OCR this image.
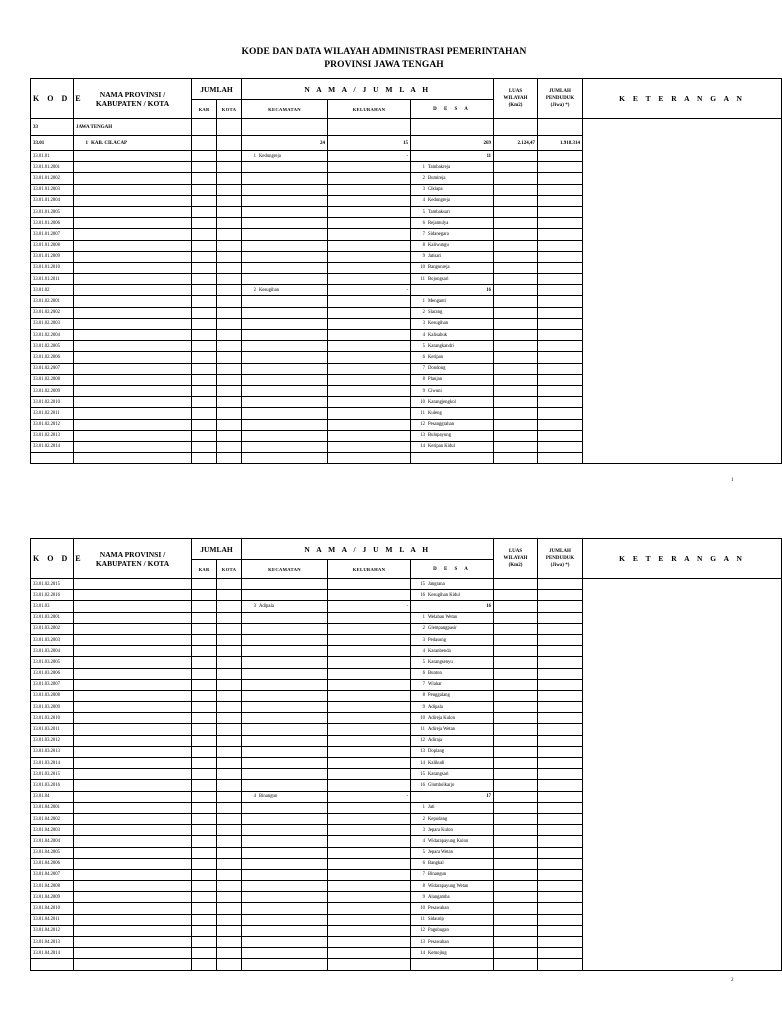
KODE DAN DATA WILAYAH ADMINISTRASI PEMERINTAHAN
PROVINSI JAWA TENGAH
K O D E	NAMA PROVINSI /
KABUPATEN / KOTA	JUMLAH		N A M A / J U M L A H			LUAS
WILAYAH
(Km2)	JUMLAH
PENDUDUK
(Jiwa) *)	K E T E R A N G A N
		KAB	KOTA	KECAMATAN	KELURAHAN	D E S A			
33	JAWA TENGAH								
33.01	1 KAB. CILACAP			24	15	269	2.124,47	1.918.314	
33.01.01				1 Kedungreja	-	11			
33.01.01.2001						1 Tambakreja			
33.01.01.2002						2 Bumireja			
33.01.01.2003						3 Ciklapa			
33.01.01.2004						4 Kedungreja			
33.01.01.2005						5 Tambaksari			
33.01.01.2006						6 Rejamulya			
33.01.01.2007						7 Sidanegara			
33.01.01.2008						8 Kaliwungu			
33.01.01.2009						9 Jatisari			
33.01.01.2010						10 Bangunreja			
33.01.01.2011						11 Bojongsari			
33.01.02				2 Kesugihan	-	16			
33.01.02.2001						1 Menganti			
33.01.02.2002						2 Slarang			
33.01.02.2003						3 Kesugihan			
33.01.02.2004						4 Kalisabuk			
33.01.02.2005						5 Karangkandri			
33.01.02.2006						6 Keripan			
33.01.02.2007						7 Dondong			
33.01.02.2008						8 Planjan			
33.01.02.2009						9 Ciwuni			
33.01.02.2010						10 Karangjengkol			
33.01.02.2011						11 Kuleng			
33.01.02.2012						12 Pesanggrahan			
33.01.02.2013						13 Bulupayung			
33.01.02.2014						14 Keripan Kidul			

1
K O D E	NAMA PROVINSI /
KABUPATEN / KOTA	JUMLAH		N A M A / J U M L A H			LUAS
WILAYAH
(Km2)	JUMLAH
PENDUDUK
(Jiwa) *)	K E T E R A N G A N
		KAB	KOTA	KECAMATAN	KELURAHAN	D E S A			
33.01.02.2015						15 Jangrana			
33.01.02.2016						16 Kesugihan Kidul			
33.01.03				3 Adipala	-	16			
33.01.03.2001						1 Welahan Wetan			
33.01.03.2002						2 Glempangpasir			
33.01.03.2003						3 Pedasong			
33.01.03.2004						4 Karanbenda			
33.01.03.2005						5 Karangsenyu			
33.01.03.2006						6 Bunton			
33.01.03.2007						7 Wlahar			
33.01.03.2008						8 Penggalang			
33.01.03.2009						9 Adipala			
33.01.03.2010						10 Adireja Kulon			
33.01.03.2011						11 Adireja Wetan			
33.01.03.2012						12 Adiraja			
33.01.03.2013						13 Doplang			
33.01.03.2014						14 Kalikudi			
33.01.03.2015						15 Karangsari			
33.01.03.2016						16 Glombolkarjo			
33.01.04				4 Binangun	-	17			
33.01.04.2001						1 Jati			
33.01.04.2002						2 Kepudang			
33.01.04.2003						3 Jepara Kulon			
33.01.04.2004						4 Widarapayung Kulon			
33.01.04.2005						5 Jepara Wetan			
33.01.04.2006						6 Bangkal			
33.01.04.2007						7 Binangun			
33.01.04.2008						8 Widarapayung Wetan			
33.01.04.2009						9 Alangamba			
33.01.04.2010						10 Pesawahan			
33.01.04.2011						11 Sidaurip			
33.01.04.2012						12 Pagubugan			
33.01.04.2013						13 Pesawahan			
33.01.04.2014						14 Kemojing			

2
